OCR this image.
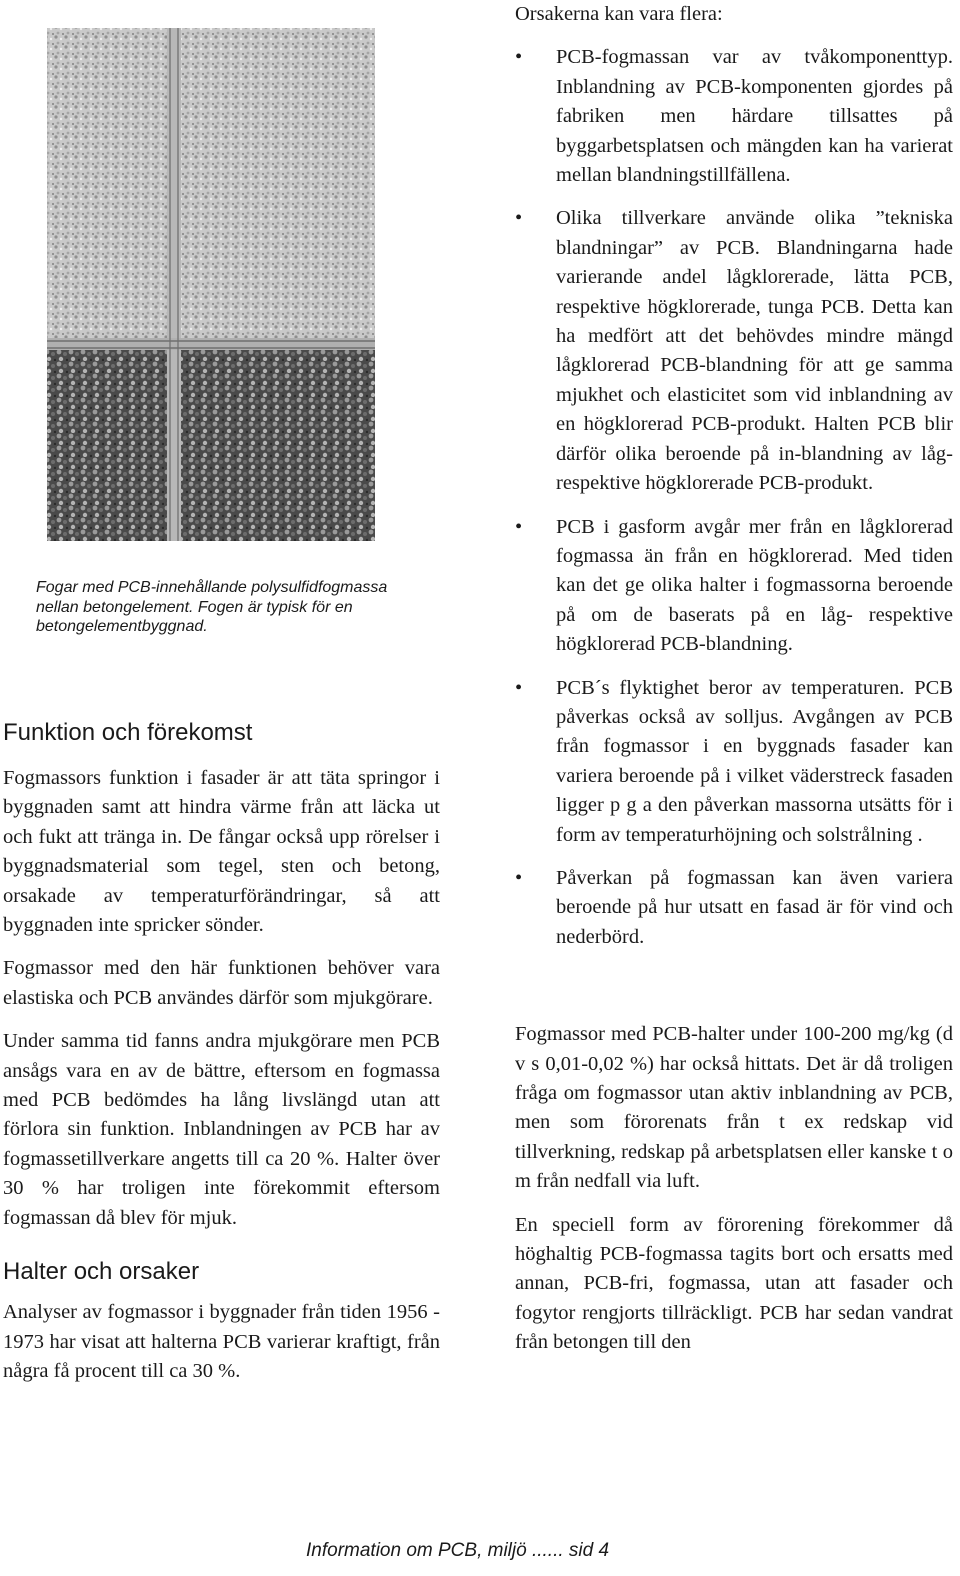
Fogar med PCB-innehållande polysulfidfogmassa nellan betongelement. Fogen är typisk för en betongelementbyggnad.
Funktion och förekomst

Fogmassors funktion i fasader är att täta springor i byggnaden samt att hindra värme från att läcka ut och fukt att tränga in. De fångar också upp rörelser i byggnadsmaterial som tegel, sten och betong, orsakade av temperaturförändringar, så att byggnaden inte spricker sönder.

Fogmassor med den här funktionen behöver vara elastiska och PCB användes därför som mjukgörare.

Under samma tid fanns andra mjukgörare men PCB ansågs vara en av de bättre, eftersom en fogmassa med PCB bedömdes ha lång livslängd utan att förlora sin funktion. Inblandningen av PCB har av fogmassetillverkare angetts till ca 20 %. Halter över 30 % har troligen inte förekommit eftersom fogmassan då blev för mjuk.

Halter och orsaker

Analyser av fogmassor i byggnader från tiden 1956 - 1973 har visat att halterna PCB varierar kraftigt, från några få procent till ca 30 %.

Orsakerna kan vara flera:

• PCB-fogmassan var av tvåkomponenttyp. Inblandning av PCB-komponenten gjordes på fabriken men härdare tillsattes på byggarbetsplatsen och mängden kan ha varierat mellan blandningstillfällena.
• Olika tillverkare använde olika ”tekniska blandningar” av PCB. Blandningarna hade varierande andel lågklorerade, lätta PCB, respektive högklorerade, tunga PCB. Detta kan ha medfört att det behövdes mindre mängd lågklorerad PCB-blandning för att ge samma mjukhet och elasticitet som vid inblandning av en högklorerad PCB-produkt. Halten PCB blir därför olika beroende på in-blandning av låg- respektive högklorerade PCB-produkt.
• PCB i gasform avgår mer från en lågklorerad fogmassa än från en högklorerad. Med tiden kan det ge olika halter i fogmassorna beroende på om de baserats på en låg- respektive högklorerad PCB-blandning.
• PCB´s flyktighet beror av temperaturen. PCB påverkas också av solljus. Avgången av PCB från fogmassor i en byggnads fasader kan variera beroende på i vilket väderstreck fasaden ligger p g a den påverkan massorna utsätts för i form av temperaturhöjning och solstrålning .
• Påverkan på fogmassan kan även variera beroende på hur utsatt en fasad är för vind och nederbörd.

Fogmassor med PCB-halter under 100-200 mg/kg (d v s 0,01-0,02 %) har också hittats. Det är då troligen fråga om fogmassor utan aktiv inblandning av PCB, men som förorenats från t ex redskap vid tillverkning, redskap på arbetsplatsen eller kanske t o m från nedfall via luft.

En speciell form av förorening förekommer då höghaltig PCB-fogmassa tagits bort och ersatts med annan, PCB-fri, fogmassa, utan att fasader och fogytor rengjorts tillräckligt. PCB har sedan vandrat från betongen till den

Information om PCB, miljö ...... sid 4
